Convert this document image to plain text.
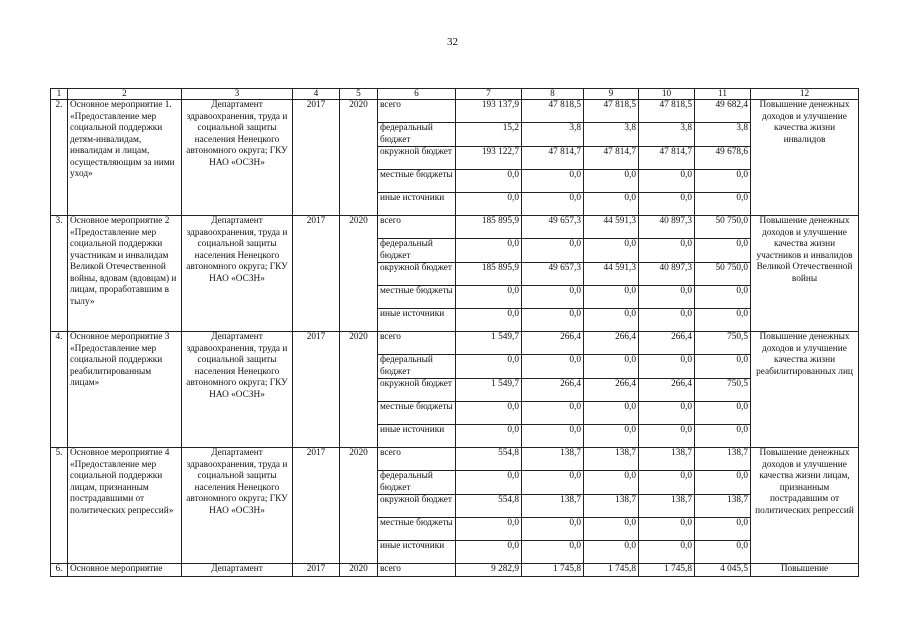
32
1	2	3	4	5	6	7	8	9	10	11	12
2.	Основное мероприятие 1. «Предоставление мер социальной поддержки детям-инвалидам, инвалидам и лицам, осуществляющим за ними уход»	Департамент здравоохранения, труда и социальной защиты населения Ненецкого автономного округа; ГКУ НАО «ОСЗН»	2017	2020	всего	193 137,9	47 818,5	47 818,5	47 818,5	49 682,4	Повышение денежных доходов и улучшение качества жизни инвалидов
					федеральный бюджет	15,2	3,8	3,8	3,8	3,8	
					окружной бюджет	193 122,7	47 814,7	47 814,7	47 814,7	49 678,6	
					местные бюджеты	0,0	0,0	0,0	0,0	0,0	
					иные источники	0,0	0,0	0,0	0,0	0,0	
3.	Основное мероприятие 2 «Предоставление мер социальной поддержки участникам и инвалидам Великой Отечественной войны, вдовам (вдовцам) и лицам, проработавшим в тылу»	Департамент здравоохранения, труда и социальной защиты населения Ненецкого автономного округа; ГКУ НАО «ОСЗН»	2017	2020	всего	185 895,9	49 657,3	44 591,3	40 897,3	50 750,0	Повышение денежных доходов и улучшение качества жизни участников и инвалидов Великой Отечественной войны
					федеральный бюджет	0,0	0,0	0,0	0,0	0,0	
					окружной бюджет	185 895,9	49 657,3	44 591,3	40 897,3	50 750,0	
					местные бюджеты	0,0	0,0	0,0	0,0	0,0	
					иные источники	0,0	0,0	0,0	0,0	0,0	
4.	Основное мероприятие 3 «Предоставление мер социальной поддержки реабилитированным лицам»	Департамент здравоохранения, труда и социальной защиты населения Ненецкого автономного округа; ГКУ НАО «ОСЗН»	2017	2020	всего	1 549,7	266,4	266,4	266,4	750,5	Повышение денежных доходов и улучшение качества жизни реабилитированных лиц
					федеральный бюджет	0,0	0,0	0,0	0,0	0,0	
					окружной бюджет	1 549,7	266,4	266,4	266,4	750,5	
					местные бюджеты	0,0	0,0	0,0	0,0	0,0	
					иные источники	0,0	0,0	0,0	0,0	0,0	
5.	Основное мероприятие 4 «Предоставление мер социальной поддержки лицам, признанным пострадавшими от политических репрессий»	Департамент здравоохранения, труда и социальной защиты населения Ненецкого автономного округа; ГКУ НАО «ОСЗН»	2017	2020	всего	554,8	138,7	138,7	138,7	138,7	Повышение денежных доходов и улучшение качества жизни лицам, признанным пострадавшим от политических репрессий
					федеральный бюджет	0,0	0,0	0,0	0,0	0,0	
					окружной бюджет	554,8	138,7	138,7	138,7	138,7	
					местные бюджеты	0,0	0,0	0,0	0,0	0,0	
					иные источники	0,0	0,0	0,0	0,0	0,0	
6.	Основное мероприятие	Департамент	2017	2020	всего	9 282,9	1 745,8	1 745,8	1 745,8	4 045,5	Повышение
